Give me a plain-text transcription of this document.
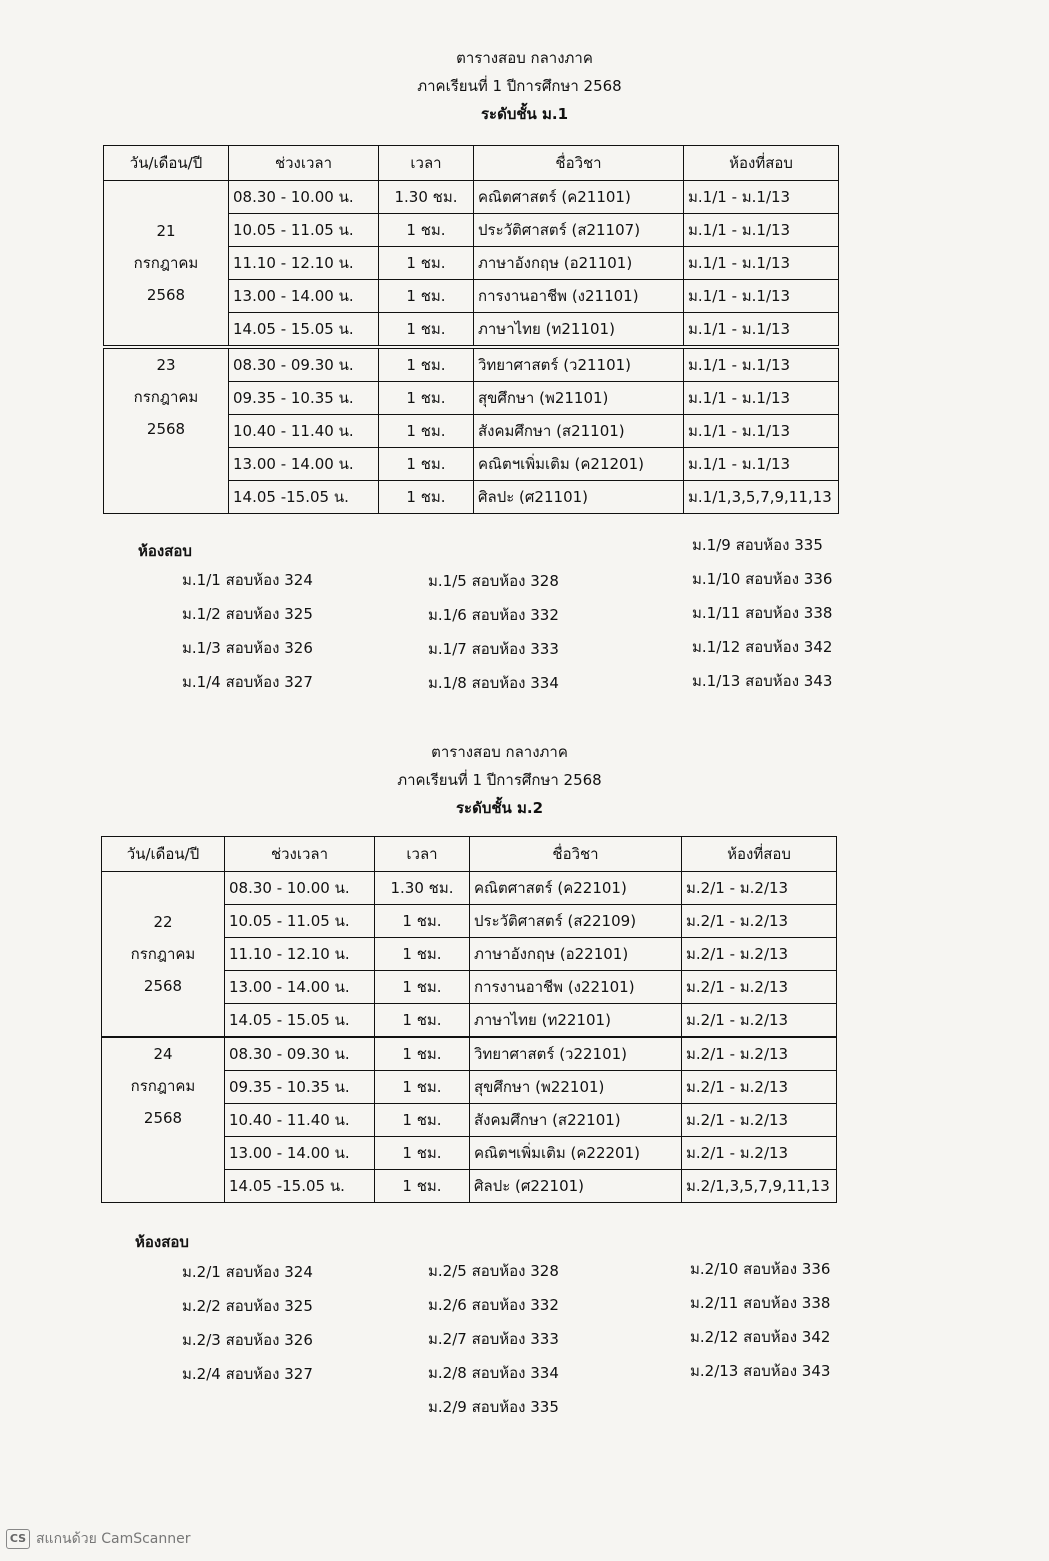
ตารางสอบ กลางภาค
ภาคเรียนที่ 1 ปีการศึกษา 2568
ระดับชั้น ม.1
วัน/เดือน/ปี	ช่วงเวลา	เวลา	ชื่อวิชา	ห้องที่สอบ

21
กรกฎาคม
2568	08.30 - 10.00 น.	1.30 ชม.	คณิตศาสตร์ (ค21101)	ม.1/1 - ม.1/13
	10.05 - 11.05 น.	1 ชม.	ประวัติศาสตร์ (ส21107)	ม.1/1 - ม.1/13
	11.10 - 12.10 น.	1 ชม.	ภาษาอังกฤษ (อ21101)	ม.1/1 - ม.1/13
	13.00 - 14.00 น.	1 ชม.	การงานอาชีพ (ง21101)	ม.1/1 - ม.1/13
	14.05 - 15.05 น.	1 ชม.	ภาษาไทย (ท21101)	ม.1/1 - ม.1/13

23
กรกฎาคม
2568	08.30 - 09.30 น.	1 ชม.	วิทยาศาสตร์ (ว21101)	ม.1/1 - ม.1/13
	09.35 - 10.35 น.	1 ชม.	สุขศึกษา (พ21101)	ม.1/1 - ม.1/13
	10.40 - 11.40 น.	1 ชม.	สังคมศึกษา (ส21101)	ม.1/1 - ม.1/13
	13.00 - 14.00 น.	1 ชม.	คณิตฯเพิ่มเติม (ค21201)	ม.1/1 - ม.1/13
	14.05 -15.05 น.	1 ชม.	ศิลปะ (ศ21101)	ม.1/1,3,5,7,9,11,13
ห้องสอบ
ม.1/1 สอบห้อง 324
ม.1/2 สอบห้อง 325
ม.1/3 สอบห้อง 326
ม.1/4 สอบห้อง 327
ม.1/5 สอบห้อง 328
ม.1/6 สอบห้อง 332
ม.1/7 สอบห้อง 333
ม.1/8 สอบห้อง 334
ม.1/9 สอบห้อง 335
ม.1/10 สอบห้อง 336
ม.1/11 สอบห้อง 338
ม.1/12 สอบห้อง 342
ม.1/13 สอบห้อง 343
ตารางสอบ กลางภาค
ภาคเรียนที่ 1 ปีการศึกษา 2568
ระดับชั้น ม.2
วัน/เดือน/ปี	ช่วงเวลา	เวลา	ชื่อวิชา	ห้องที่สอบ

22
กรกฎาคม
2568	08.30 - 10.00 น.	1.30 ชม.	คณิตศาสตร์ (ค22101)	ม.2/1 - ม.2/13
	10.05 - 11.05 น.	1 ชม.	ประวัติศาสตร์ (ส22109)	ม.2/1 - ม.2/13
	11.10 - 12.10 น.	1 ชม.	ภาษาอังกฤษ (อ22101)	ม.2/1 - ม.2/13
	13.00 - 14.00 น.	1 ชม.	การงานอาชีพ (ง22101)	ม.2/1 - ม.2/13
	14.05 - 15.05 น.	1 ชม.	ภาษาไทย (ท22101)	ม.2/1 - ม.2/13

24
กรกฎาคม
2568	08.30 - 09.30 น.	1 ชม.	วิทยาศาสตร์ (ว22101)	ม.2/1 - ม.2/13
	09.35 - 10.35 น.	1 ชม.	สุขศึกษา (พ22101)	ม.2/1 - ม.2/13
	10.40 - 11.40 น.	1 ชม.	สังคมศึกษา (ส22101)	ม.2/1 - ม.2/13
	13.00 - 14.00 น.	1 ชม.	คณิตฯเพิ่มเติม (ค22201)	ม.2/1 - ม.2/13
	14.05 -15.05 น.	1 ชม.	ศิลปะ (ศ22101)	ม.2/1,3,5,7,9,11,13
ห้องสอบ
ม.2/1 สอบห้อง 324
ม.2/2 สอบห้อง 325
ม.2/3 สอบห้อง 326
ม.2/4 สอบห้อง 327
ม.2/5 สอบห้อง 328
ม.2/6 สอบห้อง 332
ม.2/7 สอบห้อง 333
ม.2/8 สอบห้อง 334
ม.2/9 สอบห้อง 335
ม.2/10 สอบห้อง 336
ม.2/11 สอบห้อง 338
ม.2/12 สอบห้อง 342
ม.2/13 สอบห้อง 343
CS สแกนด้วย CamScanner
